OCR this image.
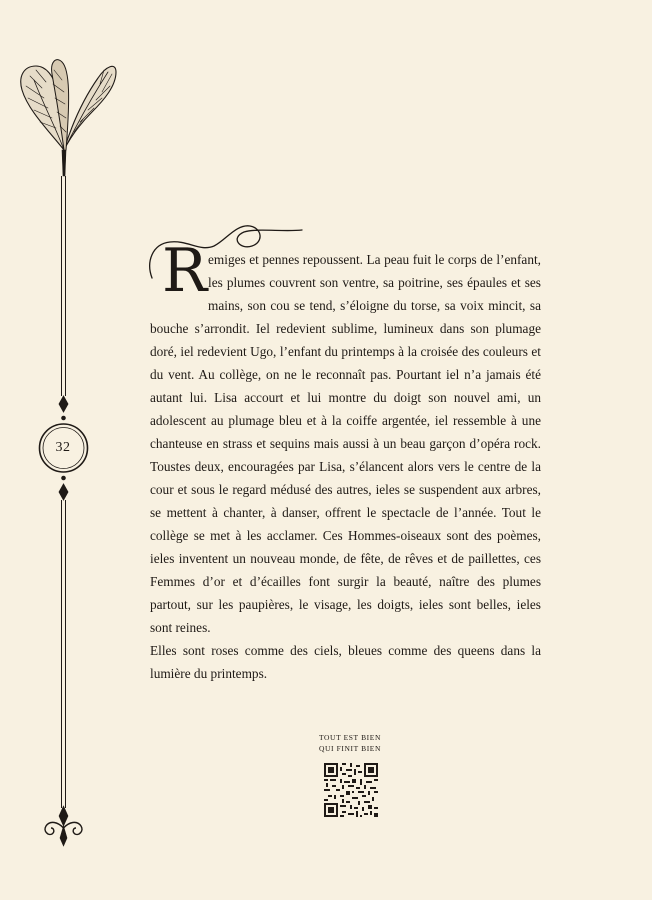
32

R emiges et pennes repoussent. La peau fuit le corps de l’enfant, les plumes couvrent son ventre, sa poitrine, ses épaules et ses mains, son cou se tend, s’éloigne du torse, sa voix mincit, sa bouche s’arrondit. Iel redevient sublime, lumineux dans son plumage doré, iel redevient Ugo, l’enfant du printemps à la croisée des couleurs et du vent. Au collège, on ne le reconnaît pas. Pourtant iel n’a jamais été autant lui. Lisa accourt et lui montre du doigt son nouvel ami, un adolescent au plumage bleu et à la coiffe argentée, iel ressemble à une chanteuse en strass et sequins mais aussi à un beau garçon d’opéra rock. Toustes deux, encouragées par Lisa, s’élancent alors vers le centre de la cour et sous le regard médusé des autres, ieles se suspendent aux arbres, se mettent à chanter, à danser, offrent le spectacle de l’année. Tout le collège se met à les acclamer. Ces Hommes-oiseaux sont des poèmes, ieles inventent un nouveau monde, de fête, de rêves et de paillettes, ces Femmes d’or et d’écailles font surgir la beauté, naître des plumes partout, sur les paupières, le visage, les doigts, ieles sont belles, ieles sont reines.

Elles sont roses comme des ciels, bleues comme des queens dans la lumière du printemps.

TOUT EST BIEN
QUI FINIT BIEN
